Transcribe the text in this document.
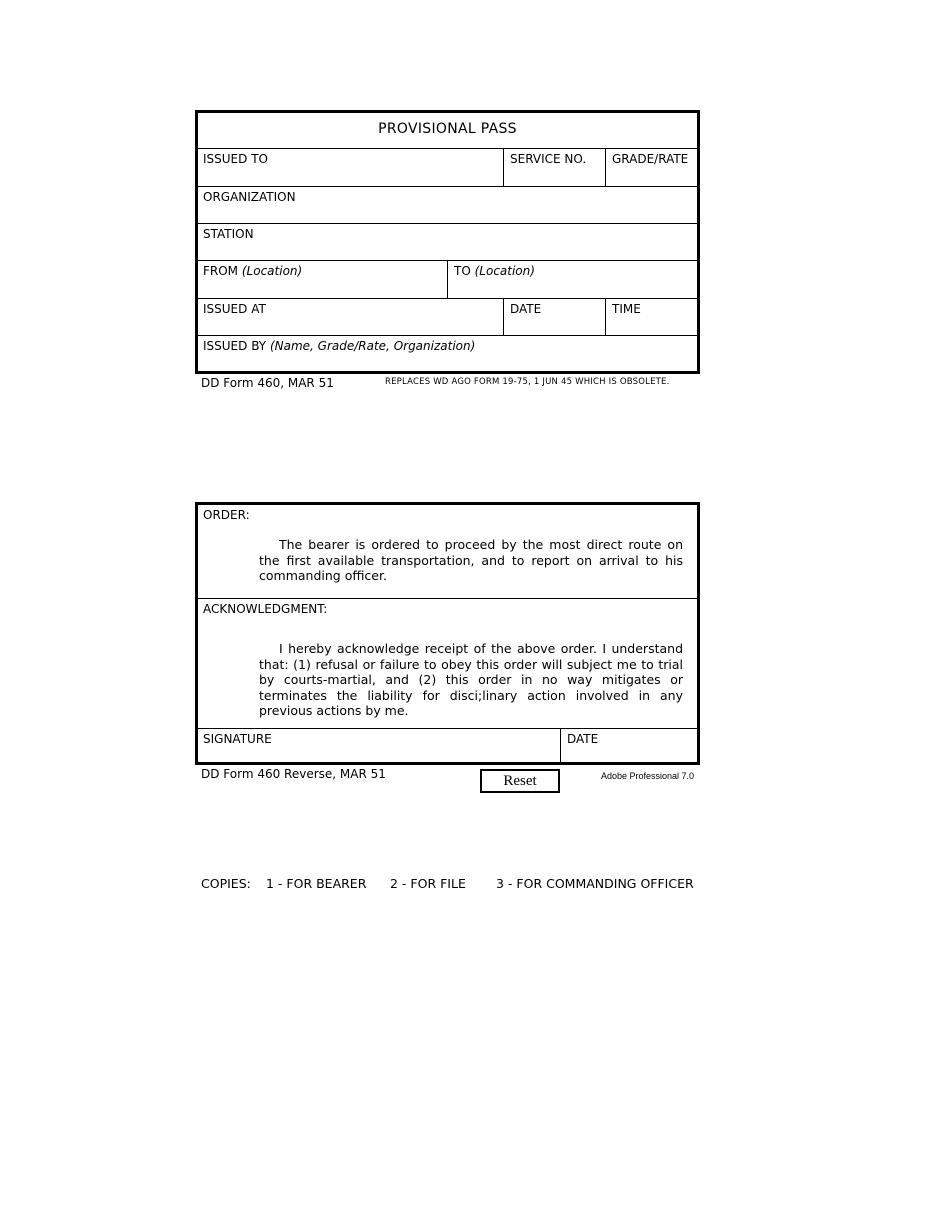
PROVISIONAL PASS
ISSUED TO	SERVICE NO.	GRADE/RATE
ORGANIZATION
STATION
FROM (Location)	TO (Location)
ISSUED AT	DATE	TIME
ISSUED BY (Name, Grade/Rate, Organization)
DD Form 460, MAR 51	REPLACES WD AGO FORM 19-75, 1 JUN 45 WHICH IS OBSOLETE.
ORDER:
The bearer is ordered to proceed by the most direct route on the first available transportation, and to report on arrival to his commanding officer.
ACKNOWLEDGMENT:
I hereby acknowledge receipt of the above order. I understand that: (1) refusal or failure to obey this order will subject me to trial by courts-martial, and (2) this order in no way mitigates or terminates the liability for disci;linary action involved in any previous actions by me.
SIGNATURE	DATE
DD Form 460 Reverse, MAR 51	Reset	Adobe Professional 7.0
COPIES: 1 - FOR BEARER 2 - FOR FILE 3 - FOR COMMANDING OFFICER
